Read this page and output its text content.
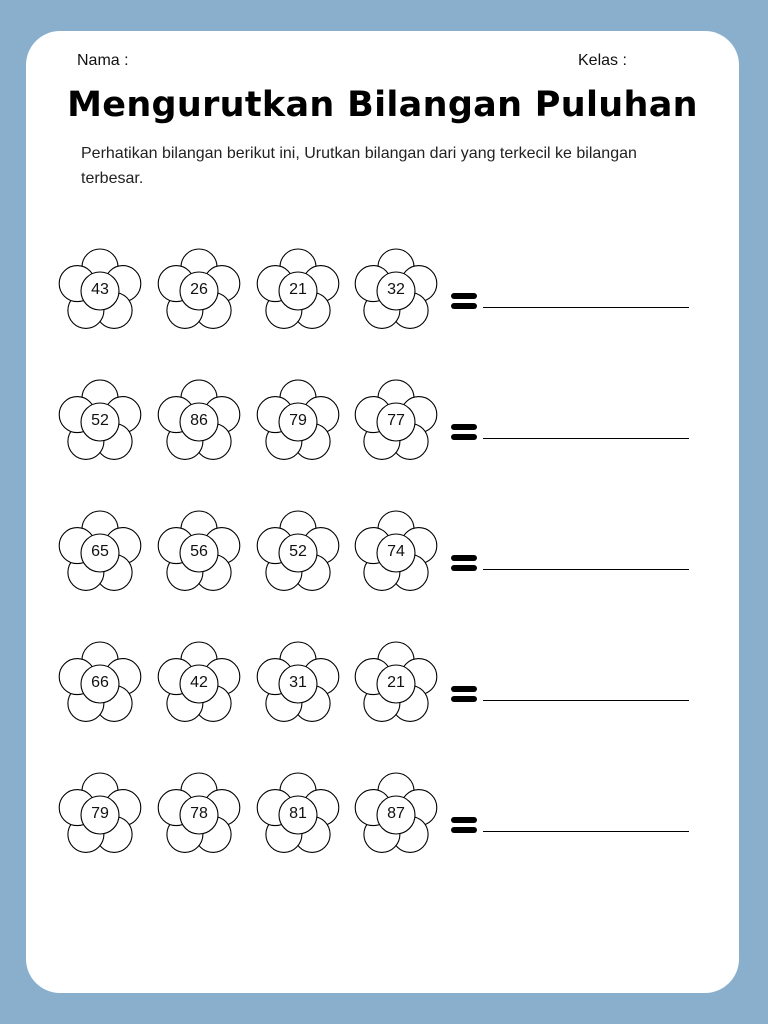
Nama :	Kelas :
Mengurutkan Bilangan Puluhan
Perhatikan bilangan berikut ini, Urutkan bilangan dari yang terkecil ke bilangan terbesar.
43	26	21	32
52	86	79	77
65	56	52	74
66	42	31	21
79	78	81	87
